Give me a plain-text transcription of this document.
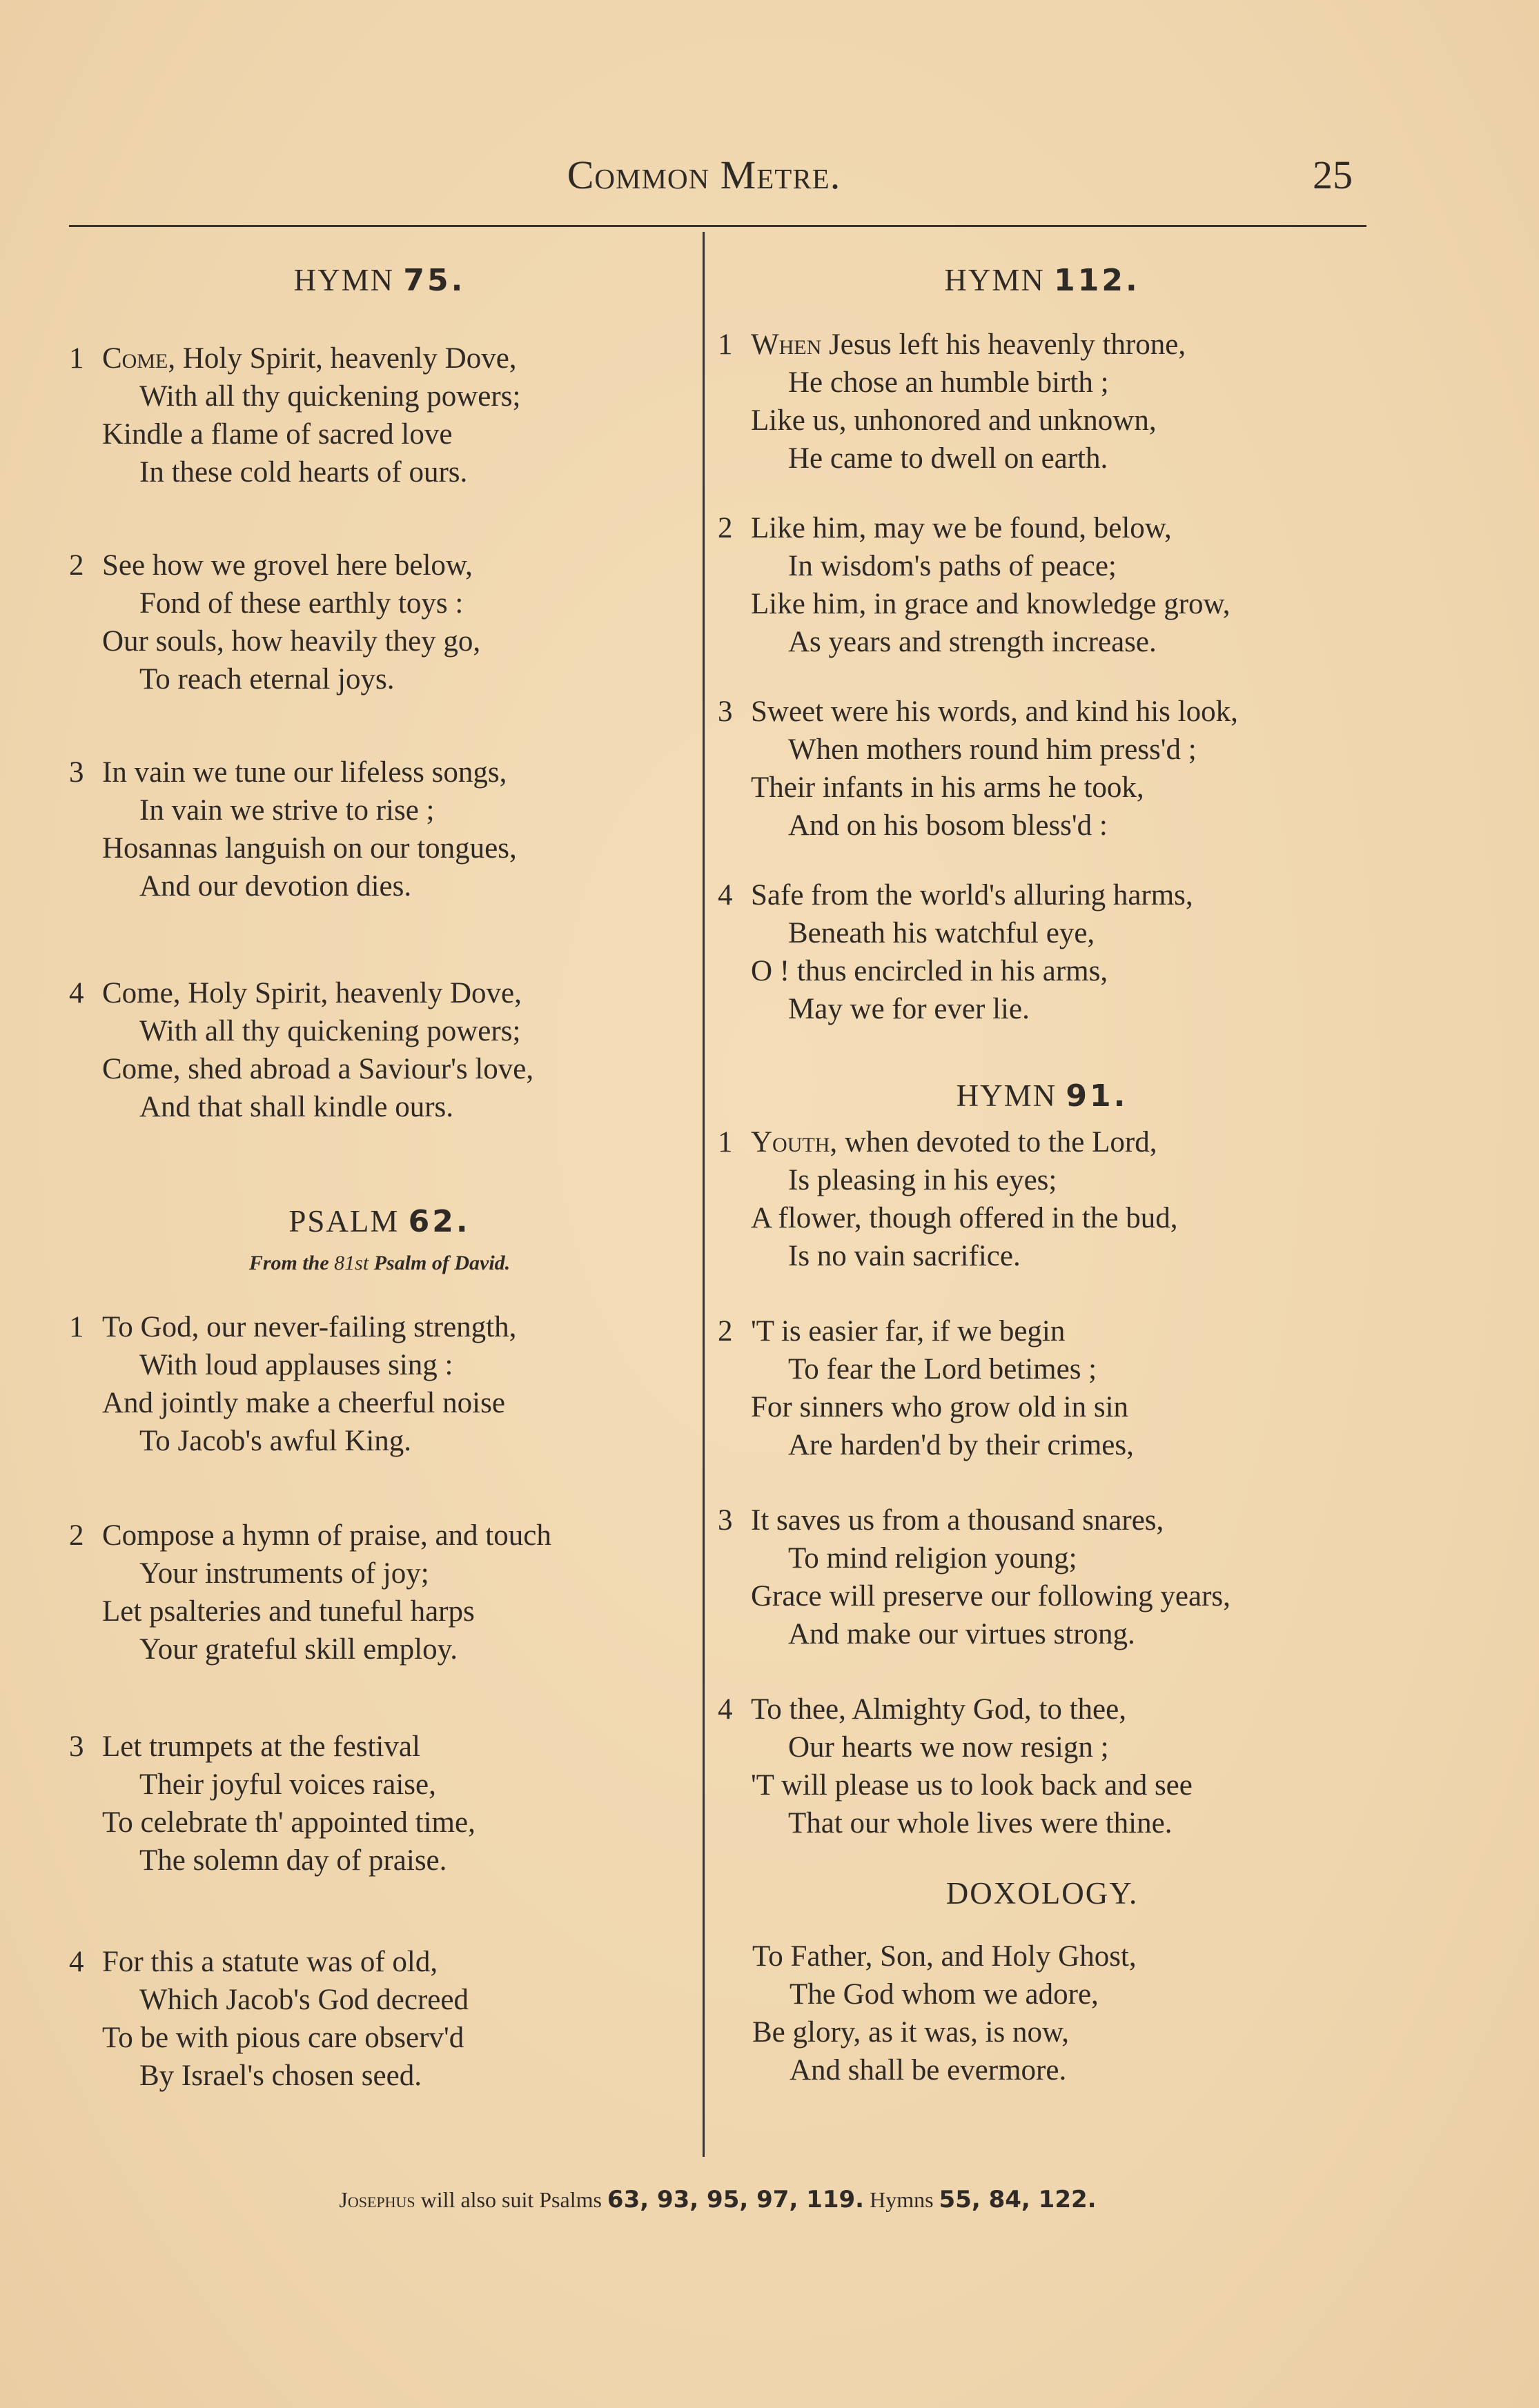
Common Metre.	25
HYMN 75.
1 Come, Holy Spirit, heavenly Dove,
With all thy quickening powers;
Kindle a flame of sacred love
In these cold hearts of ours.
2 See how we grovel here below,
Fond of these earthly toys :
Our souls, how heavily they go,
To reach eternal joys.
3 In vain we tune our lifeless songs,
In vain we strive to rise ;
Hosannas languish on our tongues,
And our devotion dies.
4 Come, Holy Spirit, heavenly Dove,
With all thy quickening powers;
Come, shed abroad a Saviour's love,
And that shall kindle ours.
PSALM 62.
From the 81st Psalm of David.
1 To God, our never-failing strength,
With loud applauses sing :
And jointly make a cheerful noise
To Jacob's awful King.
2 Compose a hymn of praise, and touch
Your instruments of joy;
Let psalteries and tuneful harps
Your grateful skill employ.
3 Let trumpets at the festival
Their joyful voices raise,
To celebrate th' appointed time,
The solemn day of praise.
4 For this a statute was of old,
Which Jacob's God decreed
To be with pious care observ'd
By Israel's chosen seed.
HYMN 112.
1 When Jesus left his heavenly throne,
He chose an humble birth ;
Like us, unhonored and unknown,
He came to dwell on earth.
2 Like him, may we be found, below,
In wisdom's paths of peace;
Like him, in grace and knowledge grow,
As years and strength increase.
3 Sweet were his words, and kind his look,
When mothers round him press'd ;
Their infants in his arms he took,
And on his bosom bless'd :
4 Safe from the world's alluring harms,
Beneath his watchful eye,
O ! thus encircled in his arms,
May we for ever lie.
HYMN 91.
1 Youth, when devoted to the Lord,
Is pleasing in his eyes;
A flower, though offered in the bud,
Is no vain sacrifice.
2 'T is easier far, if we begin
To fear the Lord betimes ;
For sinners who grow old in sin
Are harden'd by their crimes,
3 It saves us from a thousand snares,
To mind religion young;
Grace will preserve our following years,
And make our virtues strong.
4 To thee, Almighty God, to thee,
Our hearts we now resign ;
'T will please us to look back and see
That our whole lives were thine.
DOXOLOGY.
To Father, Son, and Holy Ghost,
The God whom we adore,
Be glory, as it was, is now,
And shall be evermore.
Josephus will also suit Psalms 63, 93, 95, 97, 119. Hymns 55, 84, 122.
